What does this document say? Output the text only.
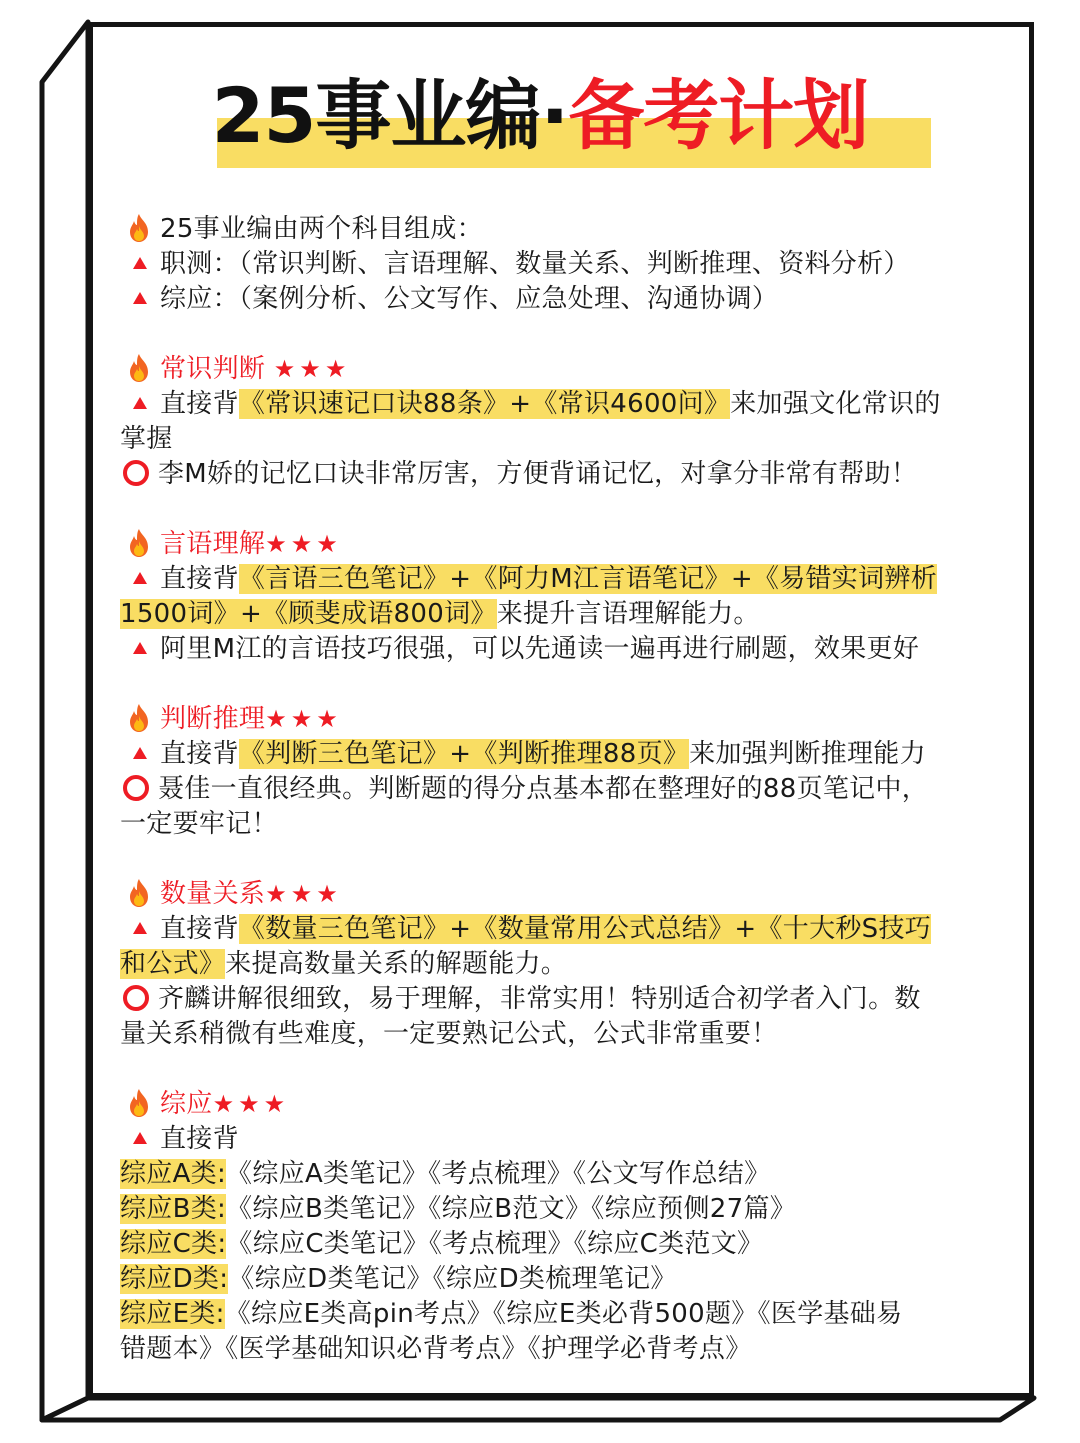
25事业编·备考计划
25事业编由两个科目组成：
职测：（常识判断、言语理解、数量关系、判断推理、资料分析）
综应：（案例分析、公文写作、应急处理、沟通协调）
常识判断 ★★★
直接背《常识速记口诀88条》+《常识4600问》来加强文化常识的
掌握
李M娇的记忆口诀非常厉害，方便背诵记忆，对拿分非常有帮助！
言语理解★★★
直接背《言语三色笔记》+《阿力M江言语笔记》+《易错实词辨析
1500词》+《顾斐成语800词》来提升言语理解能力。
阿里M江的言语技巧很强，可以先通读一遍再进行刷题，效果更好
判断推理★★★
直接背《判断三色笔记》+《判断推理88页》来加强判断推理能力
聂佳一直很经典。判断题的得分点基本都在整理好的88页笔记中，
一定要牢记！
数量关系★★★
直接背《数量三色笔记》+《数量常用公式总结》+《十大秒S技巧
和公式》来提高数量关系的解题能力。
齐麟讲解很细致，易于理解，非常实用！特别适合初学者入门。数
量关系稍微有些难度，一定要熟记公式，公式非常重要！
综应★★★
直接背
综应A类:《综应A类笔记》《考点梳理》《公文写作总结》
综应B类:《综应B类笔记》《综应B范文》《综应预侧27篇》
综应C类:《综应C类笔记》《考点梳理》《综应C类范文》
综应D类:《综应D类笔记》《综应D类梳理笔记》
综应E类:《综应E类高pin考点》《综应E类必背500题》《医学基础易
错题本》《医学基础知识必背考点》《护理学必背考点》
